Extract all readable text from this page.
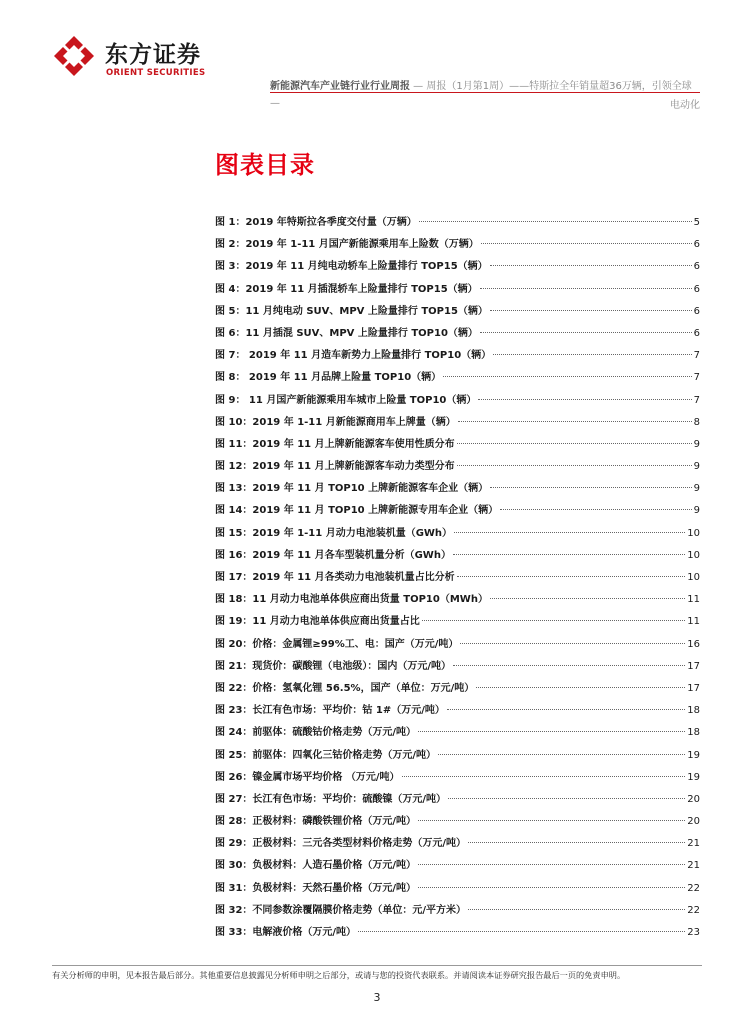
东方证券
ORIENT SECURITIES
新能源汽车产业链行业行业周报 — 周报（1月第1周）——特斯拉全年销量超36万辆，引领全球
—	电动化
图表目录
图 1：2019 年特斯拉各季度交付量（万辆）	5
图 2：2019 年 1-11 月国产新能源乘用车上险数（万辆）	6
图 3：2019 年 11 月纯电动轿车上险量排行 TOP15（辆）	6
图 4：2019 年 11 月插混轿车上险量排行 TOP15（辆）	6
图 5：11 月纯电动 SUV、MPV 上险量排行 TOP15（辆）	6
图 6：11 月插混 SUV、MPV 上险量排行 TOP10（辆）	6
图 7： 2019 年 11 月造车新势力上险量排行 TOP10（辆）	7
图 8： 2019 年 11 月品牌上险量 TOP10（辆）	7
图 9： 11 月国产新能源乘用车城市上险量 TOP10（辆）	7
图 10：2019 年 1-11 月新能源商用车上牌量（辆）	8
图 11：2019 年 11 月上牌新能源客车使用性质分布	9
图 12：2019 年 11 月上牌新能源客车动力类型分布	9
图 13：2019 年 11 月 TOP10 上牌新能源客车企业（辆）	9
图 14：2019 年 11 月 TOP10 上牌新能源专用车企业（辆）	9
图 15：2019 年 1-11 月动力电池装机量（GWh）	10
图 16：2019 年 11 月各车型装机量分析（GWh）	10
图 17：2019 年 11 月各类动力电池装机量占比分析	10
图 18：11 月动力电池单体供应商出货量 TOP10（MWh）	11
图 19：11 月动力电池单体供应商出货量占比	11
图 20：价格：金属锂≥99%工、电：国产（万元/吨）	16
图 21：现货价：碳酸锂（电池级）：国内（万元/吨）	17
图 22：价格：氢氧化锂 56.5%，国产（单位：万元/吨）	17
图 23：长江有色市场：平均价：钴 1#（万元/吨）	18
图 24：前驱体：硫酸钴价格走势（万元/吨）	18
图 25：前驱体：四氧化三钴价格走势（万元/吨）	19
图 26：镍金属市场平均价格 （万元/吨）	19
图 27：长江有色市场：平均价：硫酸镍（万元/吨）	20
图 28：正极材料：磷酸铁锂价格（万元/吨）	20
图 29：正极材料：三元各类型材料价格走势（万元/吨）	21
图 30：负极材料：人造石墨价格（万元/吨）	21
图 31：负极材料：天然石墨价格（万元/吨）	22
图 32：不同参数涂覆隔膜价格走势（单位：元/平方米）	22
图 33：电解液价格（万元/吨）	23
有关分析师的申明，见本报告最后部分。其他重要信息披露见分析师申明之后部分，或请与您的投资代表联系。并请阅读本证券研究报告最后一页的免责申明。
3
